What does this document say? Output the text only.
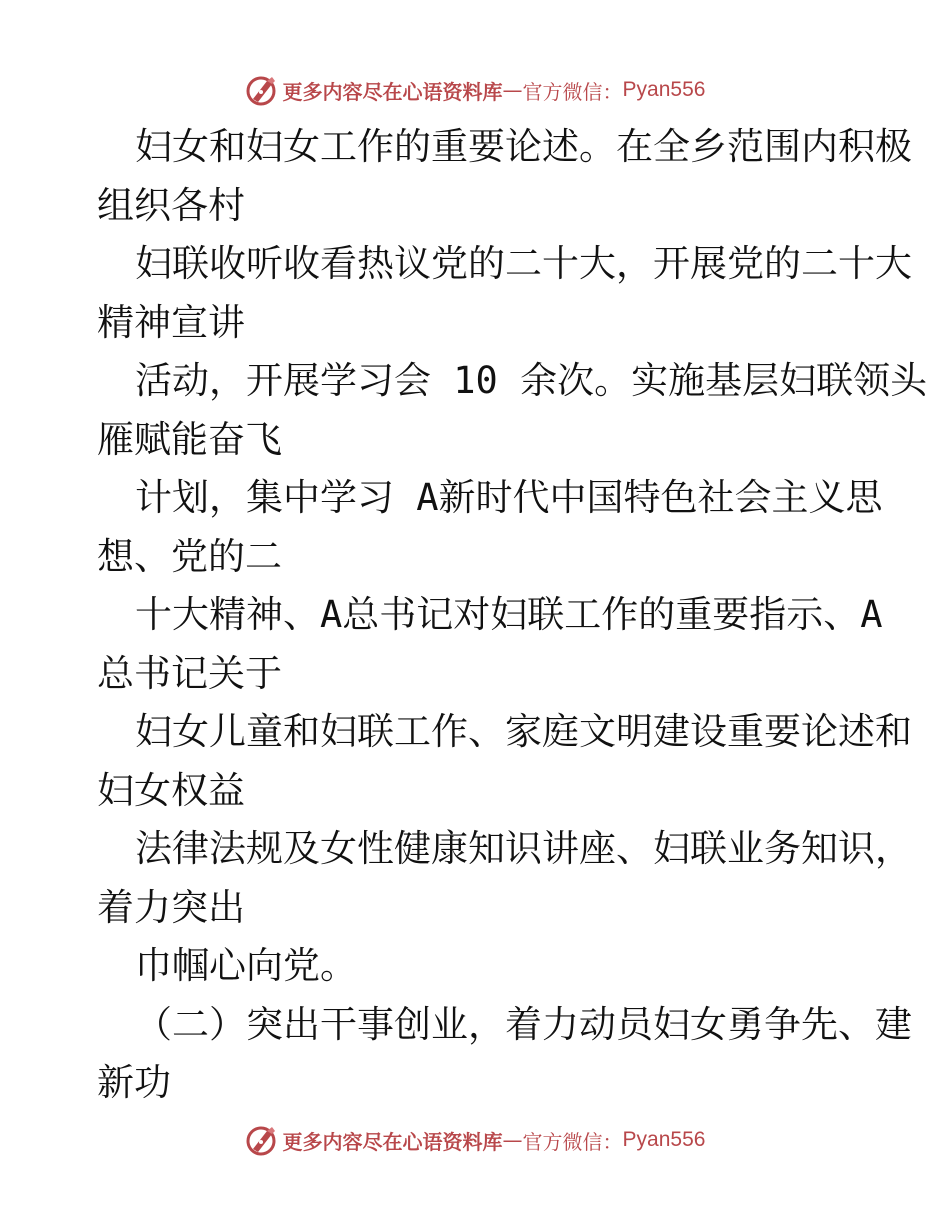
更多内容尽在心语资料库 — 官方微信： Pyan556
妇女和妇女工作的重要论述。在全乡范围内积极
组织各村
妇联收听收看热议党的二十大，开展党的二十大
精神宣讲
活动，开展学习会 10 余次。实施基层妇联领头
雁赋能奋飞
计划，集中学习 A新时代中国特色社会主义思
想、党的二
十大精神、A总书记对妇联工作的重要指示、A
总书记关于
妇女儿童和妇联工作、家庭文明建设重要论述和
妇女权益
法律法规及女性健康知识讲座、妇联业务知识，
着力突出
巾帼心向党。
（二）突出干事创业，着力动员妇女勇争先、建
新功
更多内容尽在心语资料库 — 官方微信： Pyan556
